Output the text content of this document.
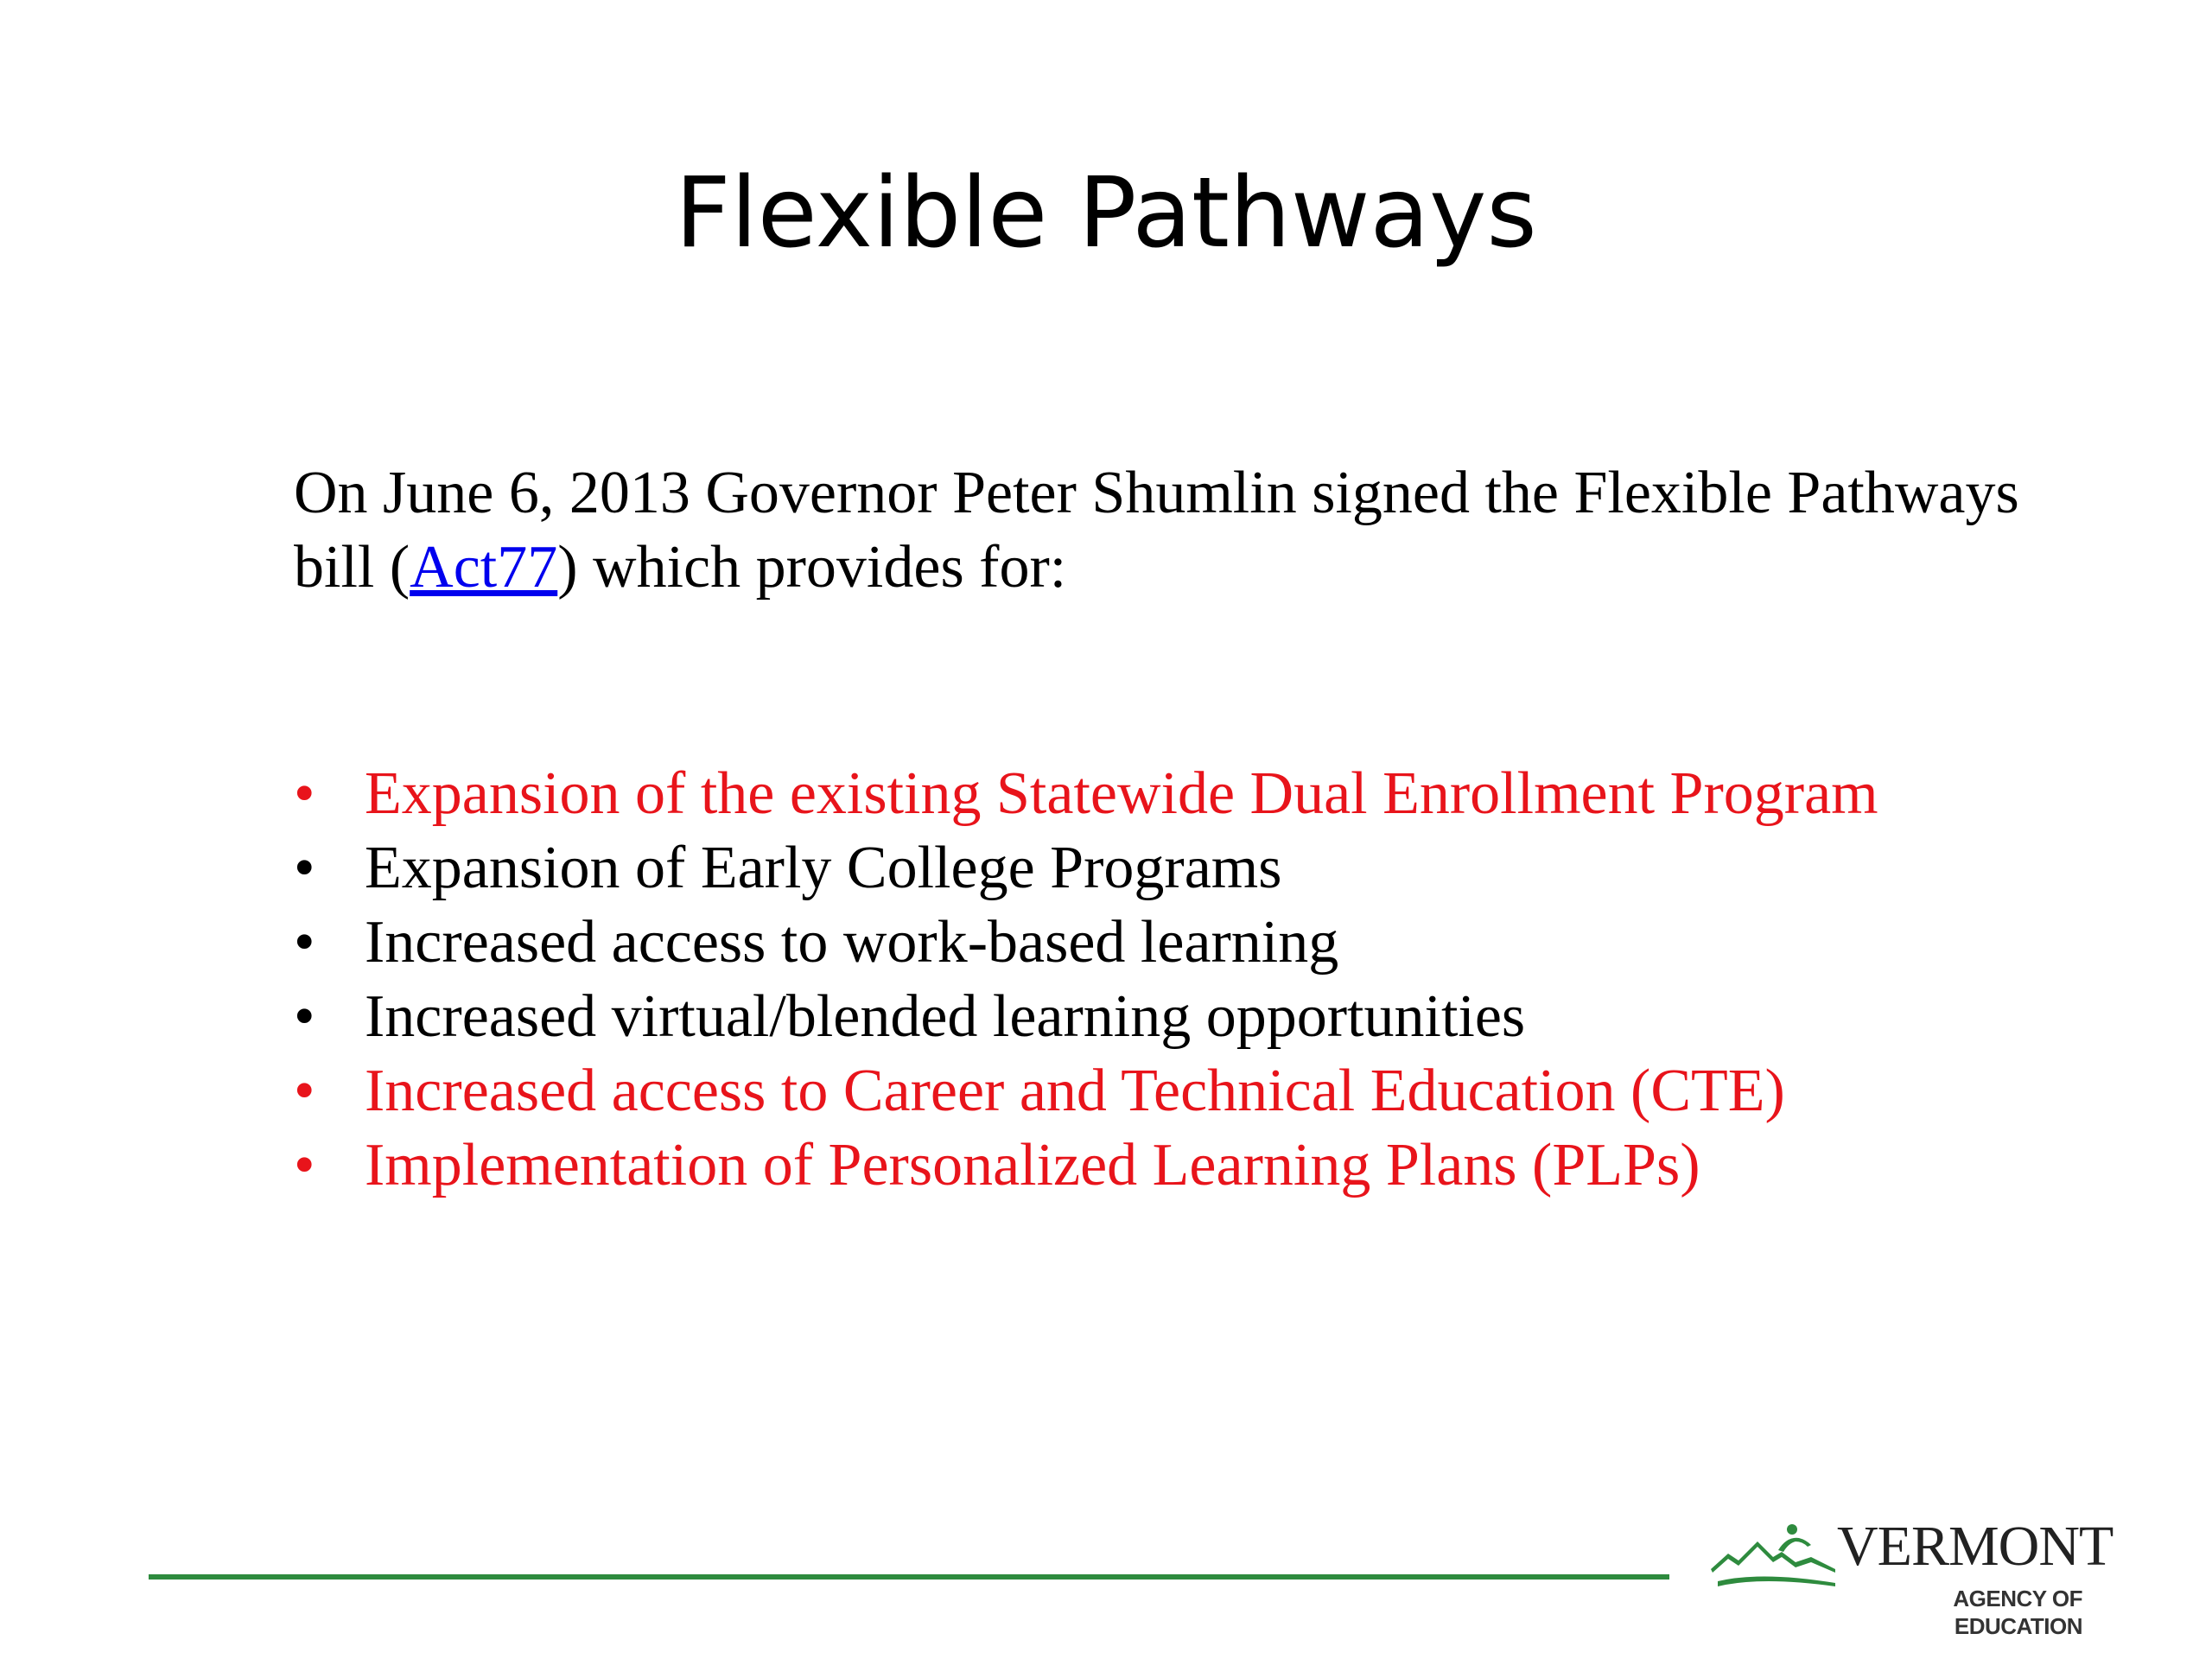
Flexible Pathways

On June 6, 2013 Governor Peter Shumlin signed the Flexible Pathways bill (Act77) which provides for:

• Expansion of the existing Statewide Dual Enrollment Program
• Expansion of Early College Programs
• Increased access to work-based learning
• Increased virtual/blended learning opportunities
• Increased access to Career and Technical Education (CTE)
• Implementation of Personalized Learning Plans (PLPs)
VERMONT
AGENCY OF EDUCATION
